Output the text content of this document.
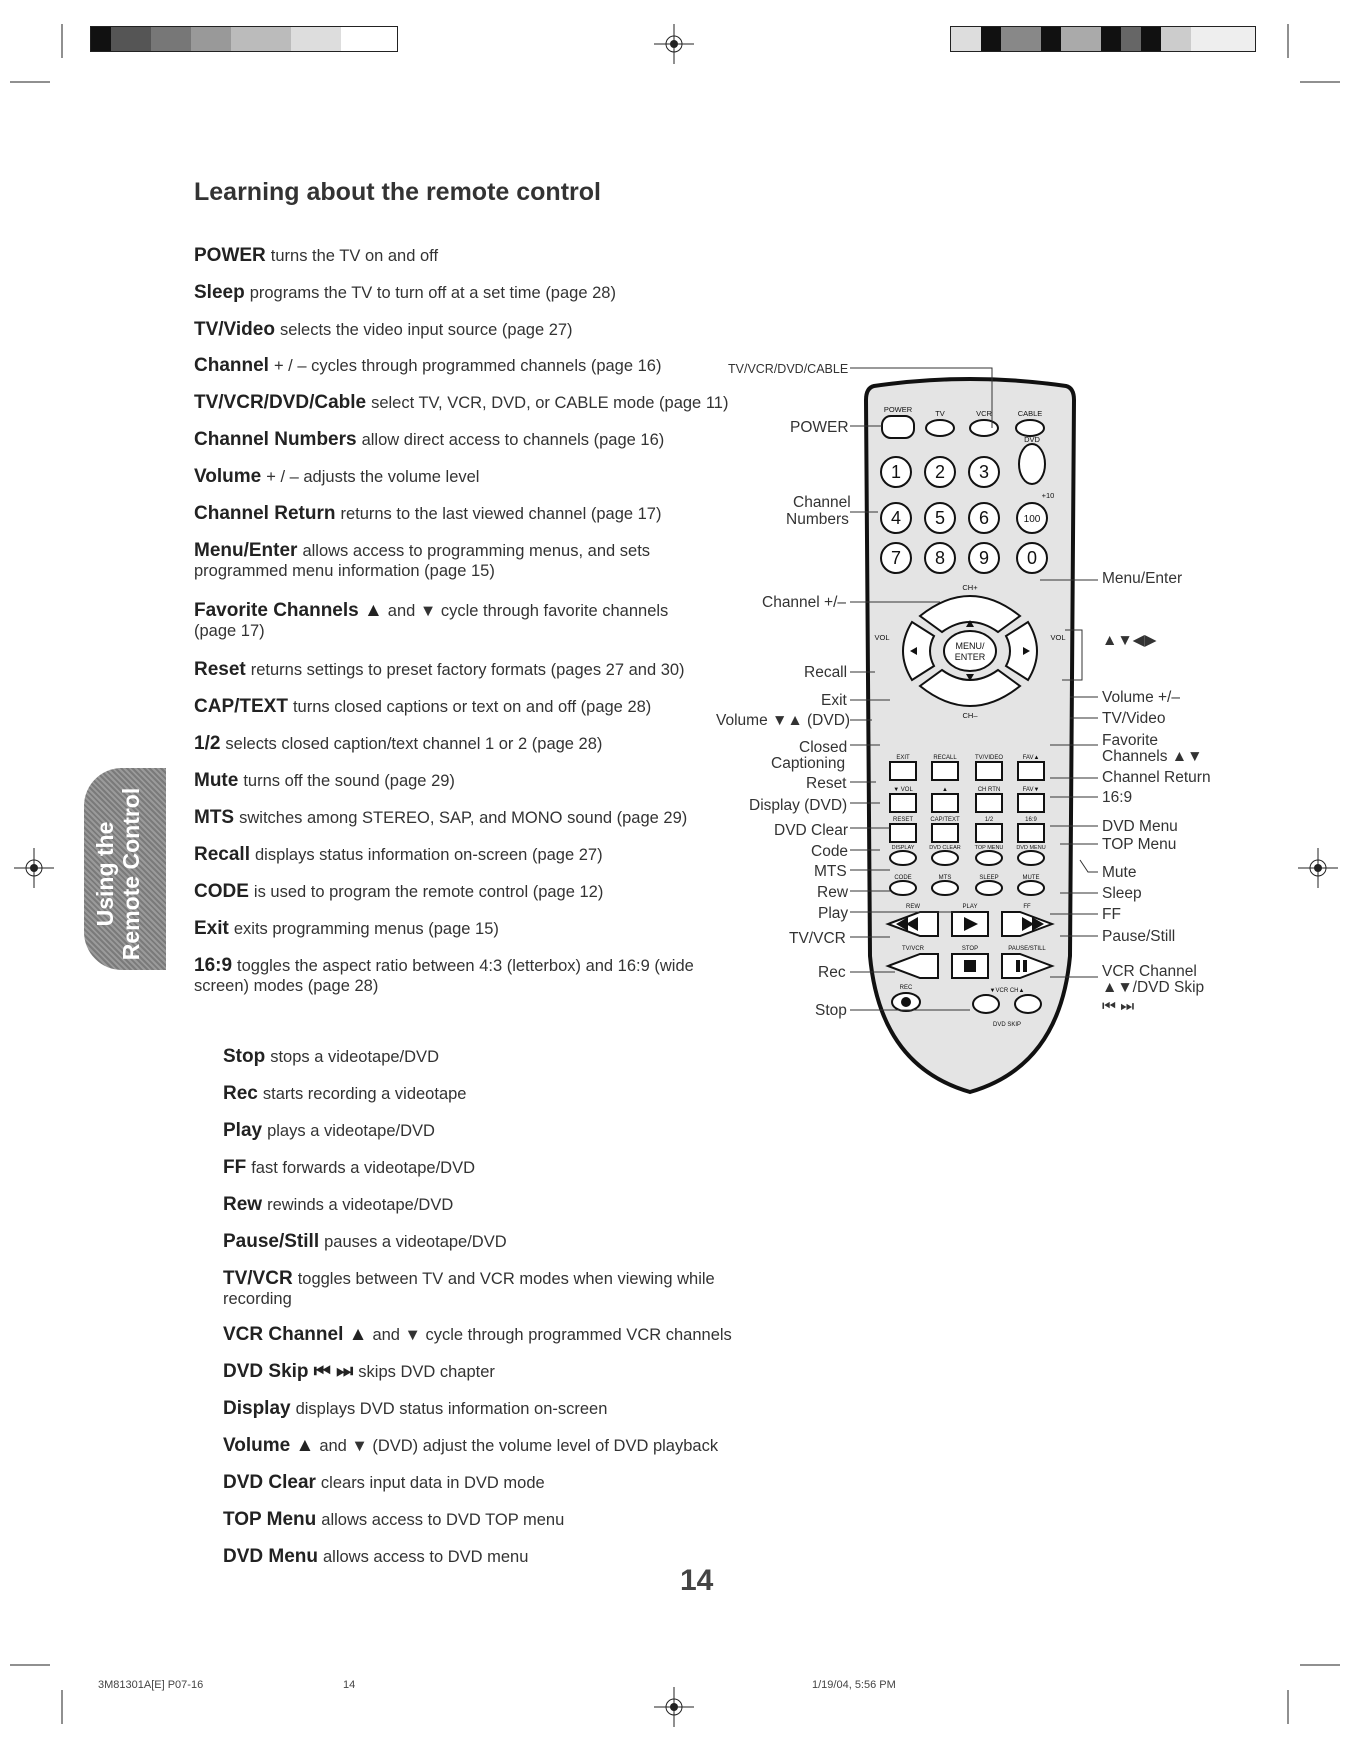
Learning about the remote control
POWER turns the TV on and off
Sleep programs the TV to turn off at a set time (page 28)
TV/Video selects the video input source (page 27)
Channel + / – cycles through programmed channels (page 16)
TV/VCR/DVD/Cable select TV, VCR, DVD, or CABLE mode (page 11)
Channel Numbers allow direct access to channels (page 16)
Volume + / – adjusts the volume level
Channel Return returns to the last viewed channel (page 17)
Menu/Enter allows access to programming menus, and sets programmed menu information (page 15)
Favorite Channels ▲ and ▼ cycle through favorite channels (page 17)
Reset returns settings to preset factory formats (pages 27 and 30)
CAP/TEXT turns closed captions or text on and off (page 28)
1/2 selects closed caption/text channel 1 or 2 (page 28)
Mute turns off the sound (page 29)
MTS switches among STEREO, SAP, and MONO sound (page 29)
Recall displays status information on-screen (page 27)
CODE is used to program the remote control (page 12)
Exit exits programming menus (page 15)
16:9 toggles the aspect ratio between 4:3 (letterbox) and 16:9 (wide screen) modes (page 28)
Stop stops a videotape/DVD
Rec starts recording a videotape
Play plays a videotape/DVD
FF fast forwards a videotape/DVD
Rew rewinds a videotape/DVD
Pause/Still pauses a videotape/DVD
TV/VCR toggles between TV and VCR modes when viewing while recording
VCR Channel ▲ and ▼ cycle through programmed VCR channels
DVD Skip ⏮ ⏭ skips DVD chapter
Display displays DVD status information on-screen
Volume ▲ and ▼ (DVD) adjust the volume level of DVD playback
DVD Clear clears input data in DVD mode
TOP Menu allows access to DVD TOP menu
DVD Menu allows access to DVD menu
Using the Remote Control
POWER	TV	VCR	CABLE
DVD
+10
CH+
CH–
VOL	VOL
MENU/
ENTER
EXIT	RECALL	TV/VIDEO	FAV▲
▼ VOL	▲	CH RTN	FAV▼
RESET	CAP/TEXT	1/2	16:9
DISPLAY	DVD CLEAR	TOP MENU DVD MENU
CODE	MTS	SLEEP	MUTE
REW	PLAY	FF
TV/VCR	STOP	PAUSE/STILL
REC	▼VCR CH▲
DVD SKIP
1 2 3
4 5 6	100
7 8 9 0
TV/VCR/DVD/CABLE
POWER
Channel
Numbers
Channel +/–
Recall
Exit
Volume ▼▲ (DVD)
Closed
Captioning
Reset
Display (DVD)
DVD Clear
Code
MTS
Rew
Play
TV/VCR
Rec
Stop
Menu/Enter
▲▼◀▶
Volume +/–
TV/Video
Favorite
Channels ▲▼
Channel Return
16:9
DVD Menu
TOP Menu
Mute
Sleep
FF
Pause/Still
VCR Channel
▲▼/DVD Skip
⏮ ⏭
14
3M81301A[E] P07-16	14	1/19/04, 5:56 PM
